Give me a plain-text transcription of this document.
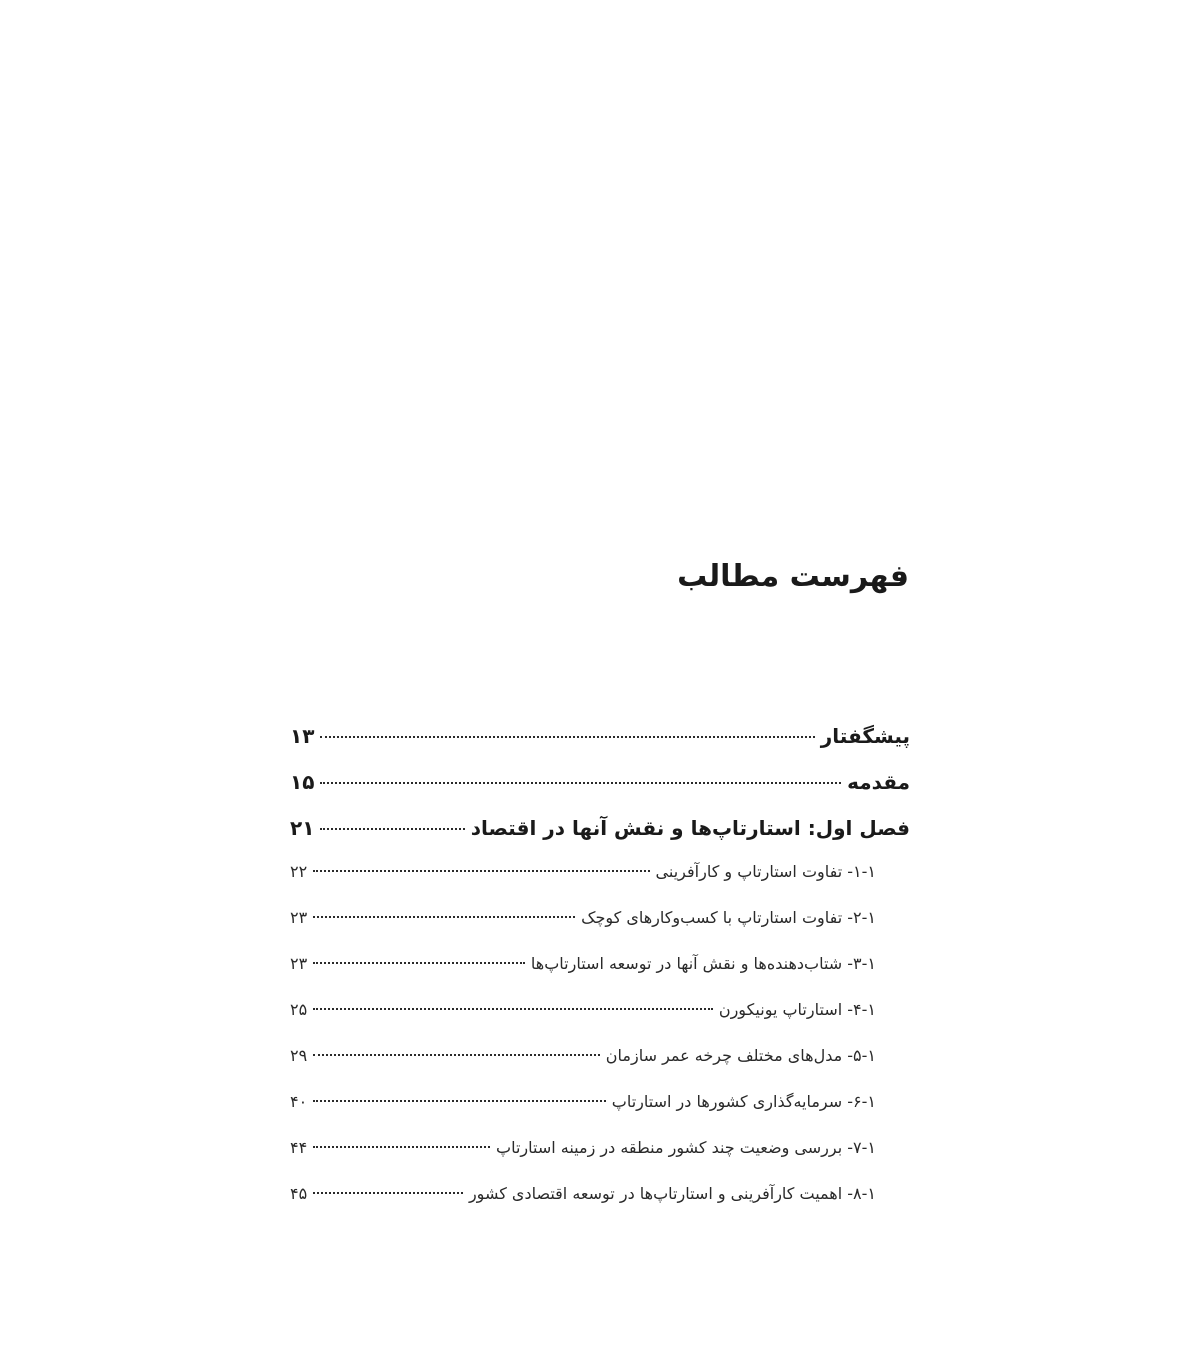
فهرست مطالب
پیشگفتار
۱۳
مقدمه
۱۵
فصل اول: استارتاپ‌ها و نقش آنها در اقتصاد
۲۱
۱-۱- تفاوت استارتاپ و کارآفرینی
۲۲
۲-۱- تفاوت استارتاپ با کسب‌وکارهای کوچک
۲۳
۳-۱- شتاب‌دهنده‌ها و نقش آنها در توسعه استارتاپ‌ها
۲۳
۴-۱- استارتاپ یونیکورن
۲۵
۵-۱- مدل‌های مختلف چرخه عمر سازمان
۲۹
۶-۱- سرمایه‌گذاری کشورها در استارتاپ
۴۰
۷-۱- بررسی وضعیت چند کشور منطقه در زمینه استارتاپ
۴۴
۸-۱- اهمیت کارآفرینی و استارتاپ‌ها در توسعه اقتصادی کشور
۴۵
